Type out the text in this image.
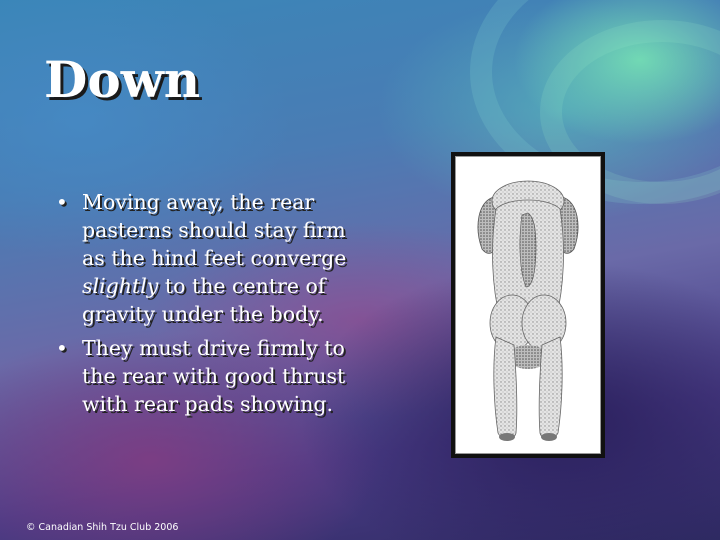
Down
• Moving away, the rear pasterns should stay firm as the hind feet converge slightly to the centre of gravity under the body.
• They must drive firmly to the rear with good thrust with rear pads showing.
© Canadian Shih Tzu Club 2006
